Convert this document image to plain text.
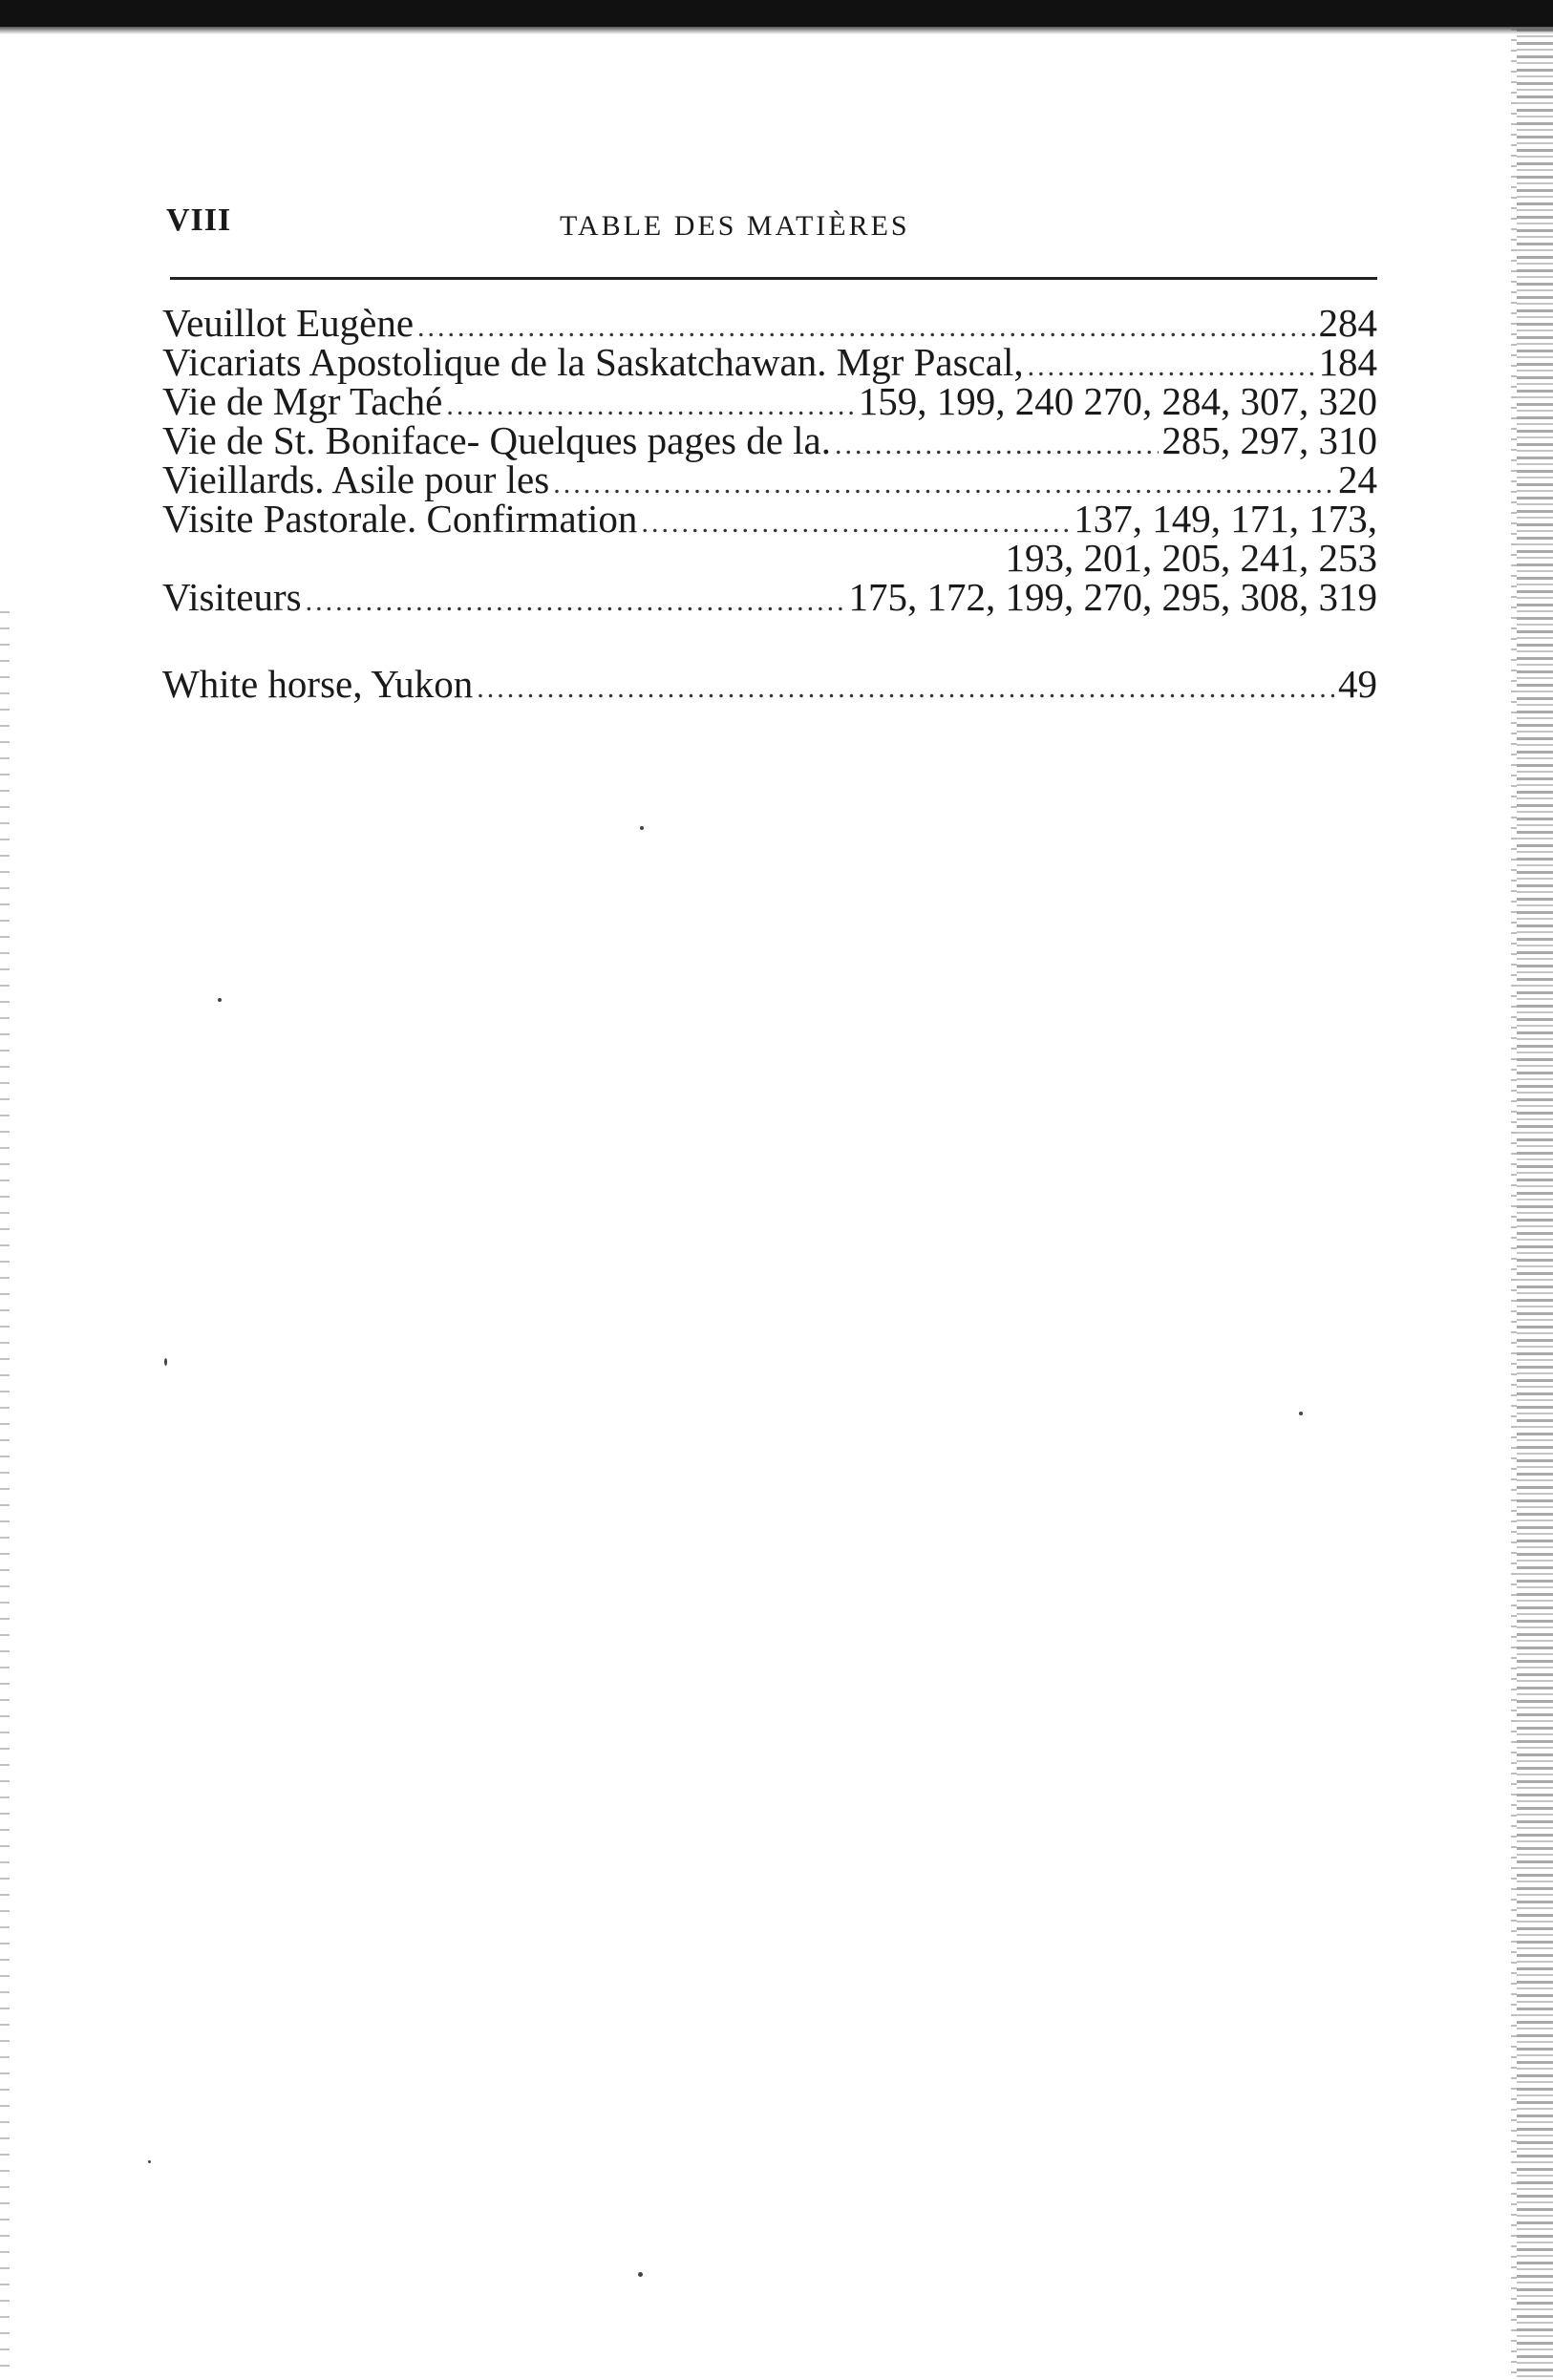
VIII	TABLE DES MATIÈRES
Veuillot Eugène .....	284
Vicariats Apostolique de la Saskatchawan. Mgr Pascal, .....	184
Vie de Mgr Taché .....	159, 199, 240 270, 284, 307, 320
Vie de St. Boniface- Quelques pages de la. .....	285, 297, 310
Vieillards. Asile pour les .....	24
Visite Pastorale. Confirmation .....	137, 149, 171, 173,
193, 201, 205, 241, 253
Visiteurs .....	175, 172, 199, 270, 295, 308, 319
White horse, Yukon .....	49
